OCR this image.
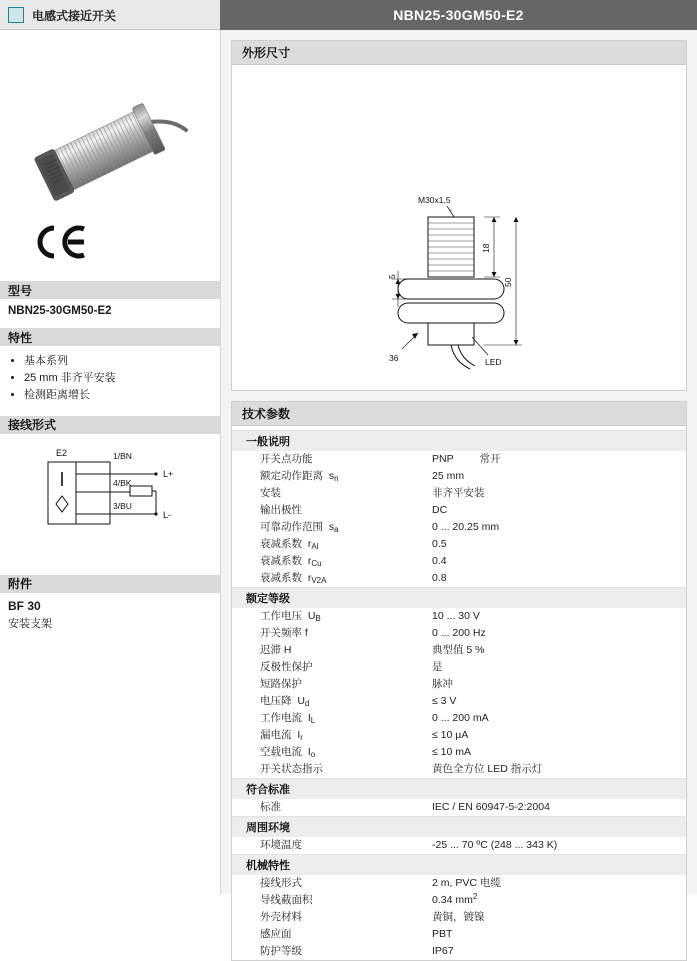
电感式接近开关	NBN25-30GM50-E2
型号
NBN25-30GM50-E2
特性
• 基本系列
• 25 mm 非齐平安装
• 检测距离增长
接线形式
E2	1/BN
4/BK
3/BU
L+
L-
附件
BF 30
安装支架
外形尺寸
M30x1,5
LED
18
50
5
36
技术参数
一般说明
开关点功能	PNP 常开
额定动作距离  $s_n$	25 mm
安装	非齐平安装
输出极性	DC
可靠动作范围  $s_a$	0 ... 20.25 mm
衰减系数  $r_{Al}$	0.5
衰减系数  $r_{Cu}$	0.4
衰减系数  $r_{V2A}$	0.8
额定等级
工作电压  $U_B$	10 ... 30 V
开关频率 f	0 ... 200 Hz
迟滞 H	典型值 5 %
反极性保护	是
短路保护	脉冲
电压降  $U_d$	≤ 3 V
工作电流  $I_L$	0 ... 200 mA
漏电流  $I_r$	≤ 10 µA
空载电流  $I_o$	≤ 10 mA
开关状态指示	黄色全方位 LED 指示灯
符合标准
标准	IEC / EN 60947-5-2:2004
周围环境
环境温度	-25 ... 70 ºC (248 ... 343 K)
机械特性
接线形式	2 m, PVC 电缆
导线截面积	0.34 $mm^2$
外壳材料	黄铜，镀镍
感应面	PBT
防护等级	IP67
